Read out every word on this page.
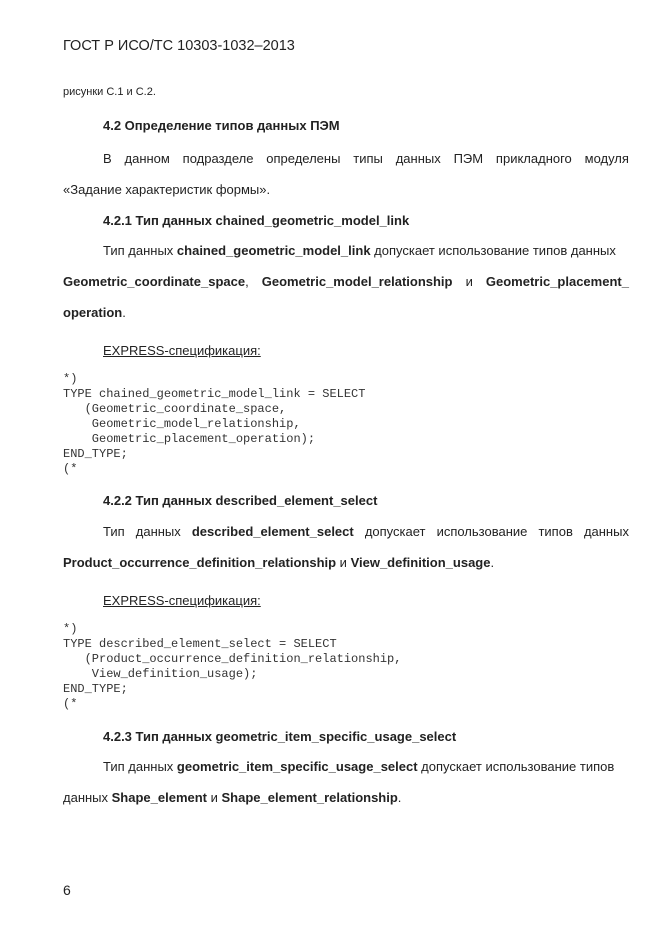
ГОСТ Р ИСО/ТС 10303-1032–2013
рисунки С.1 и С.2.
4.2 Определение типов данных ПЭМ
В данном подразделе определены типы данных ПЭМ прикладного модуля
«Задание характеристик формы».
4.2.1 Тип данных chained_geometric_model_link
Тип данных chained_geometric_model_link допускает использование типов данных
Geometric_coordinate_space, Geometric_model_relationship и Geometric_placement_
operation.
EXPRESS-спецификация:
*)
TYPE chained_geometric_model_link = SELECT
(Geometric_coordinate_space,
Geometric_model_relationship,
Geometric_placement_operation);
END_TYPE;
(*
4.2.2 Тип данных described_element_select
Тип данных described_element_select допускает использование типов данных
Product_occurrence_definition_relationship и View_definition_usage.
EXPRESS-спецификация:
*)
TYPE described_element_select = SELECT
(Product_occurrence_definition_relationship,
View_definition_usage);
END_TYPE;
(*
4.2.3 Тип данных geometric_item_specific_usage_select
Тип данных geometric_item_specific_usage_select допускает использование типов
данных Shape_element и Shape_element_relationship.
6
